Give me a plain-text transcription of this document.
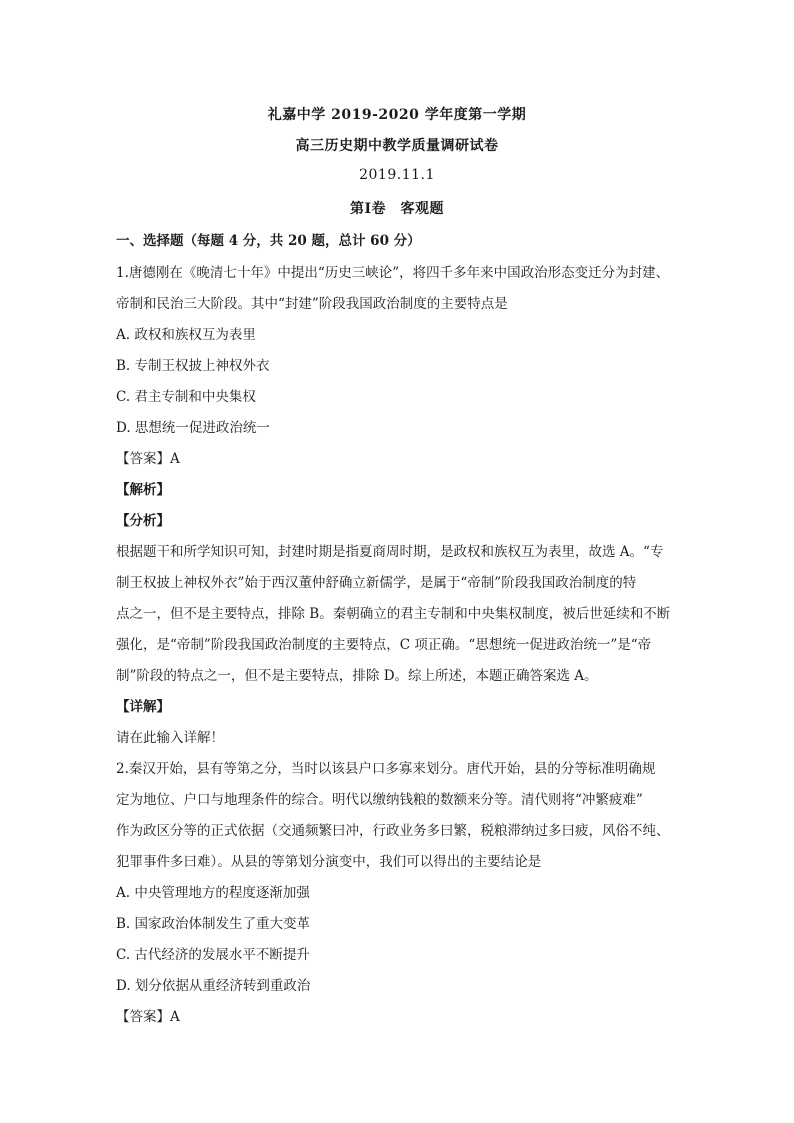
礼嘉中学 2019-2020 学年度第一学期
高三历史期中教学质量调研试卷
2019.11.1
第Ⅰ卷　客观题
一、选择题（每题 4 分，共 20 题，总计 60 分）
1.唐德刚在《晚清七十年》中提出“历史三峡论”，将四千多年来中国政治形态变迁分为封建、
帝制和民治三大阶段。其中“封建”阶段我国政治制度的主要特点是
A. 政权和族权互为表里
B. 专制王权披上神权外衣
C. 君主专制和中央集权
D. 思想统一促进政治统一
【答案】A
【解析】
【分析】
根据题干和所学知识可知，封建时期是指夏商周时期，是政权和族权互为表里，故选 A。“专
制王权披上神权外衣”始于西汉董仲舒确立新儒学，是属于“帝制”阶段我国政治制度的特
点之一，但不是主要特点，排除 B。秦朝确立的君主专制和中央集权制度，被后世延续和不断
强化，是“帝制”阶段我国政治制度的主要特点，C 项正确。“思想统一促进政治统一”是“帝
制”阶段的特点之一，但不是主要特点，排除 D。综上所述，本题正确答案选 A。
【详解】
请在此输入详解！
2.秦汉开始，县有等第之分，当时以该县户口多寡来划分。唐代开始，县的分等标准明确规
定为地位、户口与地理条件的综合。明代以缴纳钱粮的数额来分等。清代则将“冲繁疲难”
作为政区分等的正式依据（交通频繁曰冲，行政业务多曰繁，税粮滞纳过多曰疲，风俗不纯、
犯罪事件多曰难）。从县的等第划分演变中，我们可以得出的主要结论是
A. 中央管理地方的程度逐渐加强
B. 国家政治体制发生了重大变革
C. 古代经济的发展水平不断提升
D. 划分依据从重经济转到重政治
【答案】A
